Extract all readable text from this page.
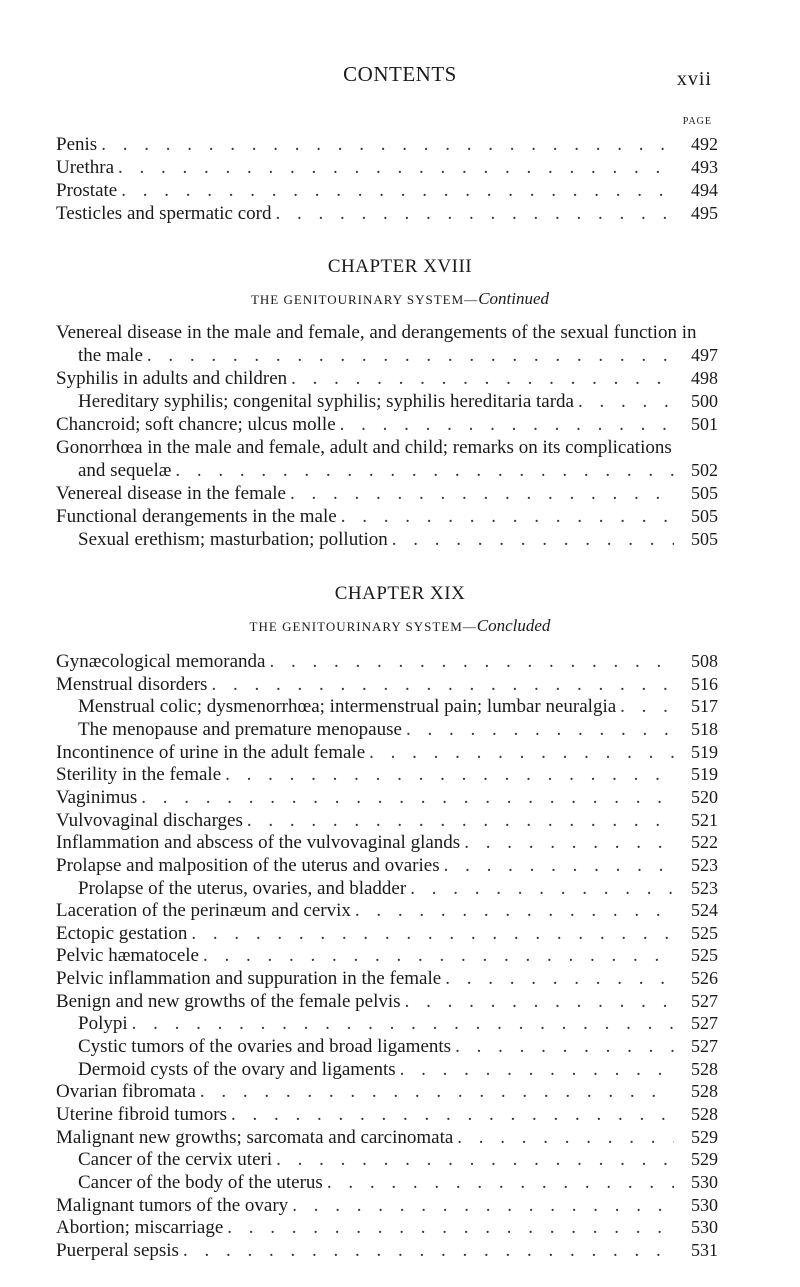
CONTENTS	xvii
PAGE
Penis . . .	492
Urethra . . .	493
Prostate . . .	494
Testicles and spermatic cord . . .	495
CHAPTER XVIII
THE GENITOURINARY SYSTEM—Continued
Venereal disease in the male and female, and derangements of the sexual function in
the male . . .	497
Syphilis in adults and children . . .	498
Hereditary syphilis; congenital syphilis; syphilis hereditaria tarda . . .	500
Chancroid; soft chancre; ulcus molle . . .	501
Gonorrhœa in the male and female, adult and child; remarks on its complications
and sequelæ . . .	502
Venereal disease in the female . . .	505
Functional derangements in the male . . .	505
Sexual erethism; masturbation; pollution . . .	505
CHAPTER XIX
THE GENITOURINARY SYSTEM—Concluded
Gynæcological memoranda . . .	508
Menstrual disorders . . .	516
Menstrual colic; dysmenorrhœa; intermenstrual pain; lumbar neuralgia . . .	517
The menopause and premature menopause . . .	518
Incontinence of urine in the adult female . . .	519
Sterility in the female . . .	519
Vaginimus . . .	520
Vulvovaginal discharges . . .	521
Inflammation and abscess of the vulvovaginal glands . . .	522
Prolapse and malposition of the uterus and ovaries . . .	523
Prolapse of the uterus, ovaries, and bladder . . .	523
Laceration of the perinæum and cervix . . .	524
Ectopic gestation . . .	525
Pelvic hæmatocele . . .	525
Pelvic inflammation and suppuration in the female . . .	526
Benign and new growths of the female pelvis . . .	527
Polypi . . .	527
Cystic tumors of the ovaries and broad ligaments . . .	527
Dermoid cysts of the ovary and ligaments . . .	528
Ovarian fibromata . . .	528
Uterine fibroid tumors . . .	528
Malignant new growths; sarcomata and carcinomata . . .	529
Cancer of the cervix uteri . . .	529
Cancer of the body of the uterus . . .	530
Malignant tumors of the ovary . . .	530
Abortion; miscarriage . . .	530
Puerperal sepsis . . .	531
